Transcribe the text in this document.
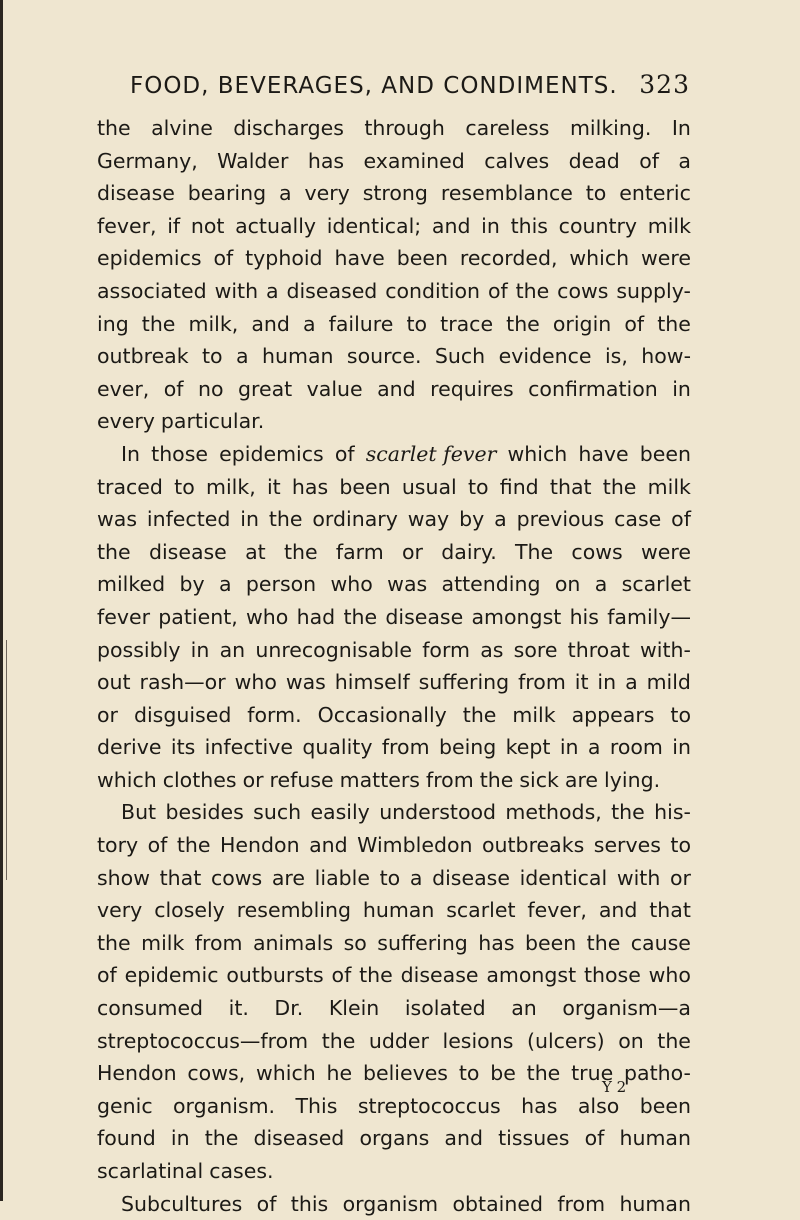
FOOD, BEVERAGES, AND CONDIMENTS. 323
the alvine discharges through careless milking. In
Germany, Walder has examined calves dead of a
disease bearing a very strong resemblance to enteric
fever, if not actually identical; and in this country milk
epidemics of typhoid have been recorded, which were
associated with a diseased condition of the cows supply-
ing the milk, and a failure to trace the origin of the
outbreak to a human source. Such evidence is, how-
ever, of no great value and requires confirmation in
every particular.
In those epidemics of scarlet fever which have been
traced to milk, it has been usual to find that the milk
was infected in the ordinary way by a previous case of
the disease at the farm or dairy. The cows were
milked by a person who was attending on a scarlet
fever patient, who had the disease amongst his family—
possibly in an unrecognisable form as sore throat with-
out rash—or who was himself suffering from it in a mild
or disguised form. Occasionally the milk appears to
derive its infective quality from being kept in a room in
which clothes or refuse matters from the sick are lying.
But besides such easily understood methods, the his-
tory of the Hendon and Wimbledon outbreaks serves to
show that cows are liable to a disease identical with or
very closely resembling human scarlet fever, and that
the milk from animals so suffering has been the cause
of epidemic outbursts of the disease amongst those who
consumed it. Dr. Klein isolated an organism—a
streptococcus—from the udder lesions (ulcers) on the
Hendon cows, which he believes to be the true patho-
genic organism. This streptococcus has also been
found in the diseased organs and tissues of human
scarlatinal cases.
Subcultures of this organism obtained from human
Y 2
